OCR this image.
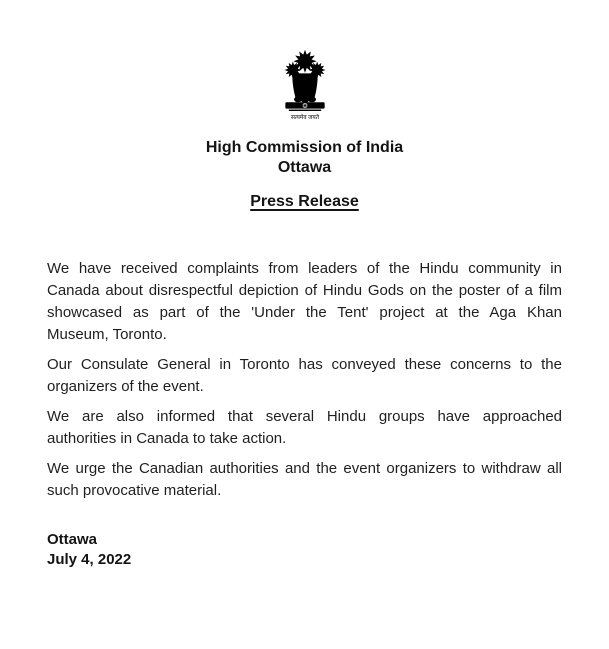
सत्यमेव जयते
High Commission of India
Ottawa
Press Release
We have received complaints from leaders of the Hindu community in
Canada about disrespectful depiction of Hindu Gods on the poster of a film
showcased as part of the 'Under the Tent' project at the Aga Khan
Museum, Toronto.
Our Consulate General in Toronto has conveyed these concerns to the
organizers of the event.
We are also informed that several Hindu groups have approached
authorities in Canada to take action.
We urge the Canadian authorities and the event organizers to withdraw all
such provocative material.
Ottawa
July 4, 2022
